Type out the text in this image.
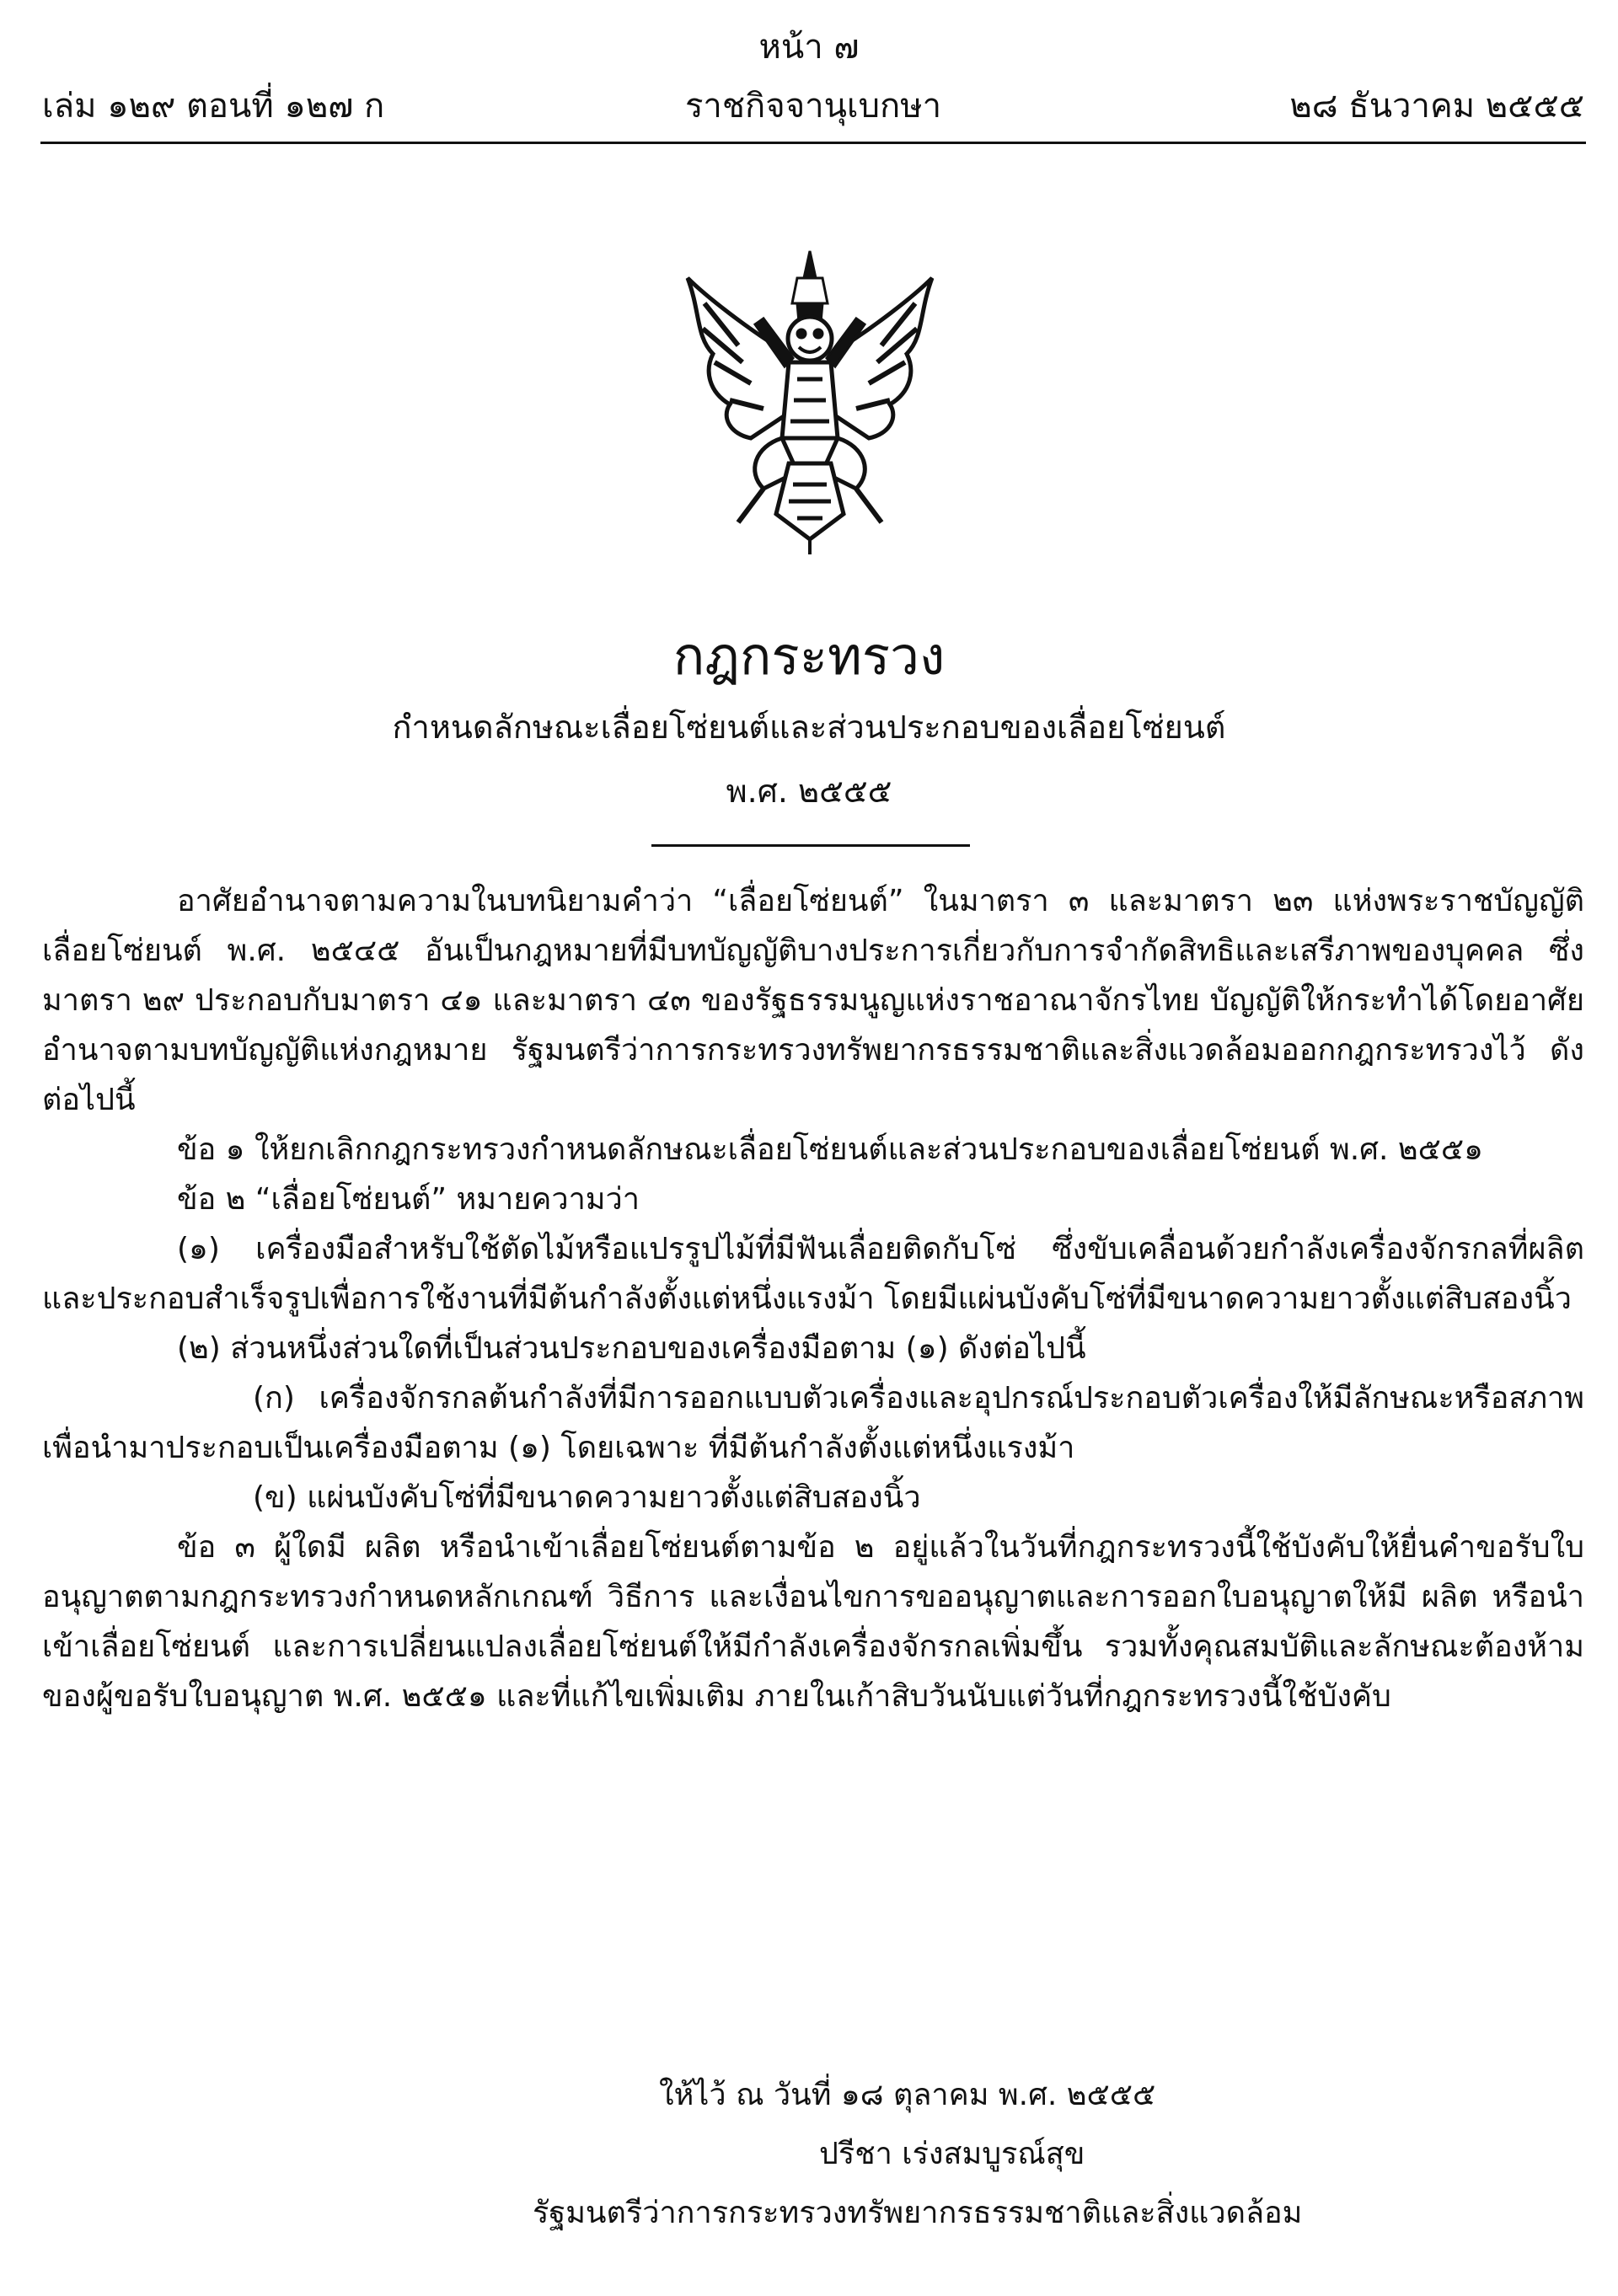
หน้า ๗
ราชกิจจานุเบกษา
เล่ม ๑๒๙ ตอนที่ ๑๒๗ ก	๒๘ ธันวาคม ๒๕๕๕
กฎกระทรวง
กำหนดลักษณะเลื่อยโซ่ยนต์และส่วนประกอบของเลื่อยโซ่ยนต์
พ.ศ. ๒๕๕๕

อาศัยอำนาจตามความในบทนิยามคำว่า “เลื่อยโซ่ยนต์” ในมาตรา ๓ และมาตรา ๒๓ แห่งพระราชบัญญัติเลื่อยโซ่ยนต์ พ.ศ. ๒๕๔๕ อันเป็นกฎหมายที่มีบทบัญญัติบางประการเกี่ยวกับการจำกัดสิทธิและเสรีภาพของบุคคล ซึ่งมาตรา ๒๙ ประกอบกับมาตรา ๔๑ และมาตรา ๔๓ ของรัฐธรรมนูญแห่งราชอาณาจักรไทย บัญญัติให้กระทำได้โดยอาศัยอำนาจตามบทบัญญัติแห่งกฎหมาย รัฐมนตรีว่าการกระทรวงทรัพยากรธรรมชาติและสิ่งแวดล้อมออกกฎกระทรวงไว้ ดังต่อไปนี้

ข้อ ๑ ให้ยกเลิกกฎกระทรวงกำหนดลักษณะเลื่อยโซ่ยนต์และส่วนประกอบของเลื่อยโซ่ยนต์ พ.ศ. ๒๕๕๑

ข้อ ๒ “เลื่อยโซ่ยนต์” หมายความว่า

(๑) เครื่องมือสำหรับใช้ตัดไม้หรือแปรรูปไม้ที่มีฟันเลื่อยติดกับโซ่ ซึ่งขับเคลื่อนด้วยกำลังเครื่องจักรกลที่ผลิตและประกอบสำเร็จรูปเพื่อการใช้งานที่มีต้นกำลังตั้งแต่หนึ่งแรงม้า โดยมีแผ่นบังคับโซ่ที่มีขนาดความยาวตั้งแต่สิบสองนิ้ว

(๒) ส่วนหนึ่งส่วนใดที่เป็นส่วนประกอบของเครื่องมือตาม (๑) ดังต่อไปนี้

(ก) เครื่องจักรกลต้นกำลังที่มีการออกแบบตัวเครื่องและอุปกรณ์ประกอบตัวเครื่องให้มีลักษณะหรือสภาพเพื่อนำมาประกอบเป็นเครื่องมือตาม (๑) โดยเฉพาะ ที่มีต้นกำลังตั้งแต่หนึ่งแรงม้า

(ข) แผ่นบังคับโซ่ที่มีขนาดความยาวตั้งแต่สิบสองนิ้ว

ข้อ ๓ ผู้ใดมี ผลิต หรือนำเข้าเลื่อยโซ่ยนต์ตามข้อ ๒ อยู่แล้วในวันที่กฎกระทรวงนี้ใช้บังคับให้ยื่นคำขอรับใบอนุญาตตามกฎกระทรวงกำหนดหลักเกณฑ์ วิธีการ และเงื่อนไขการขออนุญาตและการออกใบอนุญาตให้มี ผลิต หรือนำเข้าเลื่อยโซ่ยนต์ และการเปลี่ยนแปลงเลื่อยโซ่ยนต์ให้มีกำลังเครื่องจักรกลเพิ่มขึ้น รวมทั้งคุณสมบัติและลักษณะต้องห้ามของผู้ขอรับใบอนุญาต พ.ศ. ๒๕๕๑ และที่แก้ไขเพิ่มเติม ภายในเก้าสิบวันนับแต่วันที่กฎกระทรวงนี้ใช้บังคับ

ให้ไว้ ณ วันที่ ๑๘ ตุลาคม พ.ศ. ๒๕๕๕
ปรีชา เร่งสมบูรณ์สุข
รัฐมนตรีว่าการกระทรวงทรัพยากรธรรมชาติและสิ่งแวดล้อม
